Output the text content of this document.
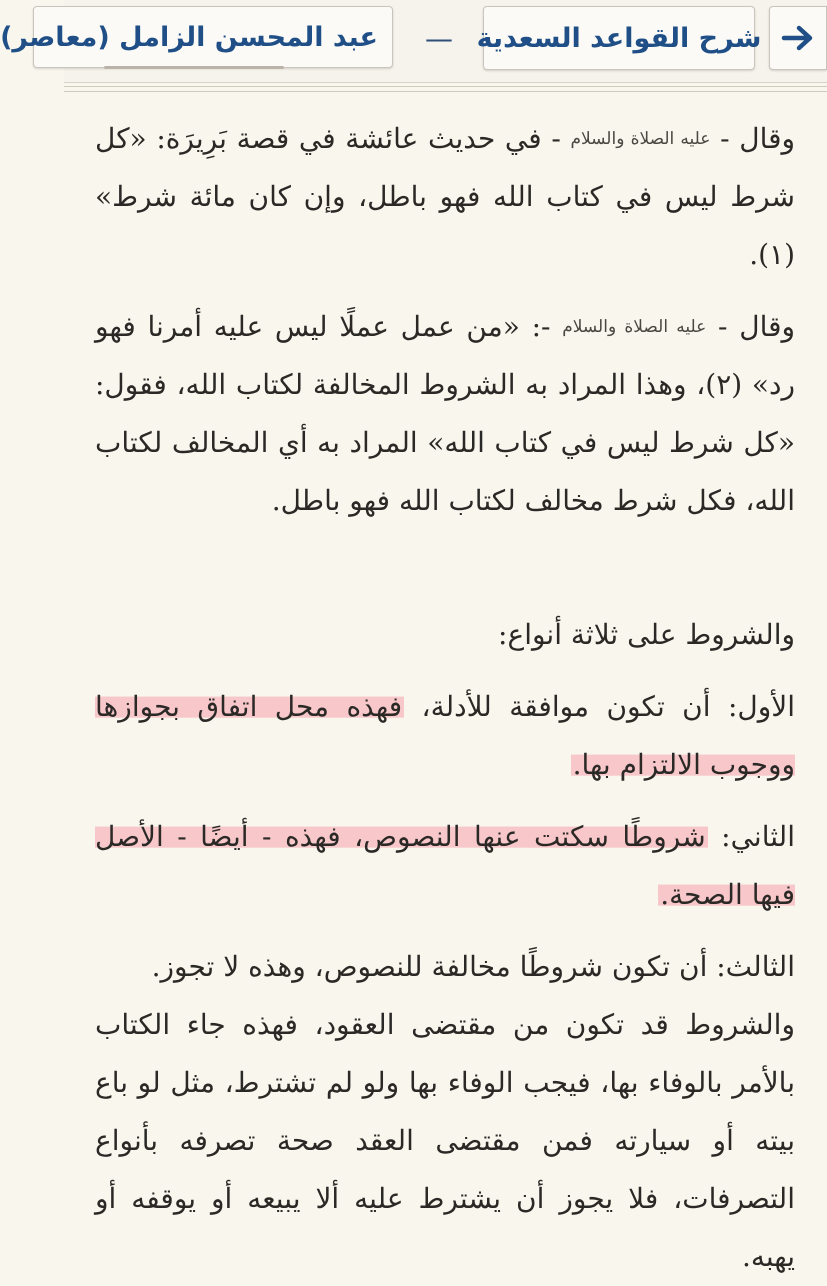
عبد المحسن الزامل (معاصر)	— شرح القواعد السعدية

وقال - عليه الصلاة والسلام - في حديث عائشة في قصة بَرِيرَة: «كل شرط ليس في كتاب الله فهو باطل، وإن كان مائة شرط» (١).

وقال - عليه الصلاة والسلام -: «من عمل عملًا ليس عليه أمرنا فهو رد» (٢)، وهذا المراد به الشروط المخالفة لكتاب الله، فقول: «كل شرط ليس في كتاب الله» المراد به أي المخالف لكتاب الله، فكل شرط مخالف لكتاب الله فهو باطل.

والشروط على ثلاثة أنواع:

الأول: أن تكون موافقة للأدلة، فهذه محل اتفاق بجوازها ووجوب الالتزام بها.

الثاني: شروطًا سكتت عنها النصوص، فهذه - أيضًا - الأصل فيها الصحة.

الثالث: أن تكون شروطًا مخالفة للنصوص، وهذه لا تجوز.

والشروط قد تكون من مقتضى العقود، فهذه جاء الكتاب بالأمر بالوفاء بها، فيجب الوفاء بها ولو لم تشترط، مثل لو باع بيته أو سيارته فمن مقتضى العقد صحة تصرفه بأنواع التصرفات، فلا يجوز أن يشترط عليه ألا يبيعه أو يوقفه أو يهبه.
